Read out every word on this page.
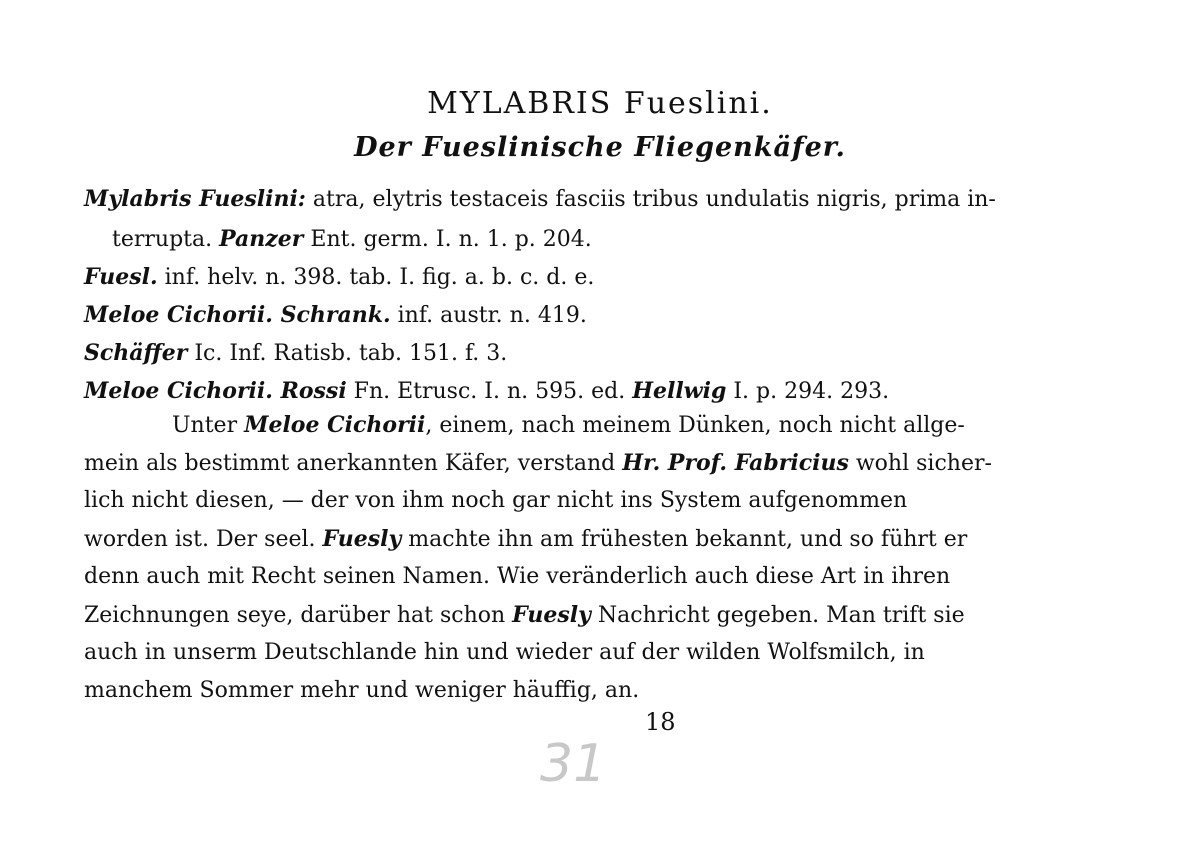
MYLABRIS Fueslini.
Der Fueslinische Fliegenkäfer.
Mylabris Fueslini: atra, elytris testaceis fasciis tribus undulatis nigris, prima in-
terrupta. Panzer Ent. germ. I. n. 1. p. 204.
Fuesl. inf. helv. n. 398. tab. I. fig. a. b. c. d. e.
Meloe Cichorii. Schrank. inf. austr. n. 419.
Schäffer Ic. Inf. Ratisb. tab. 151. f. 3.
Meloe Cichorii. Rossi Fn. Etrusc. I. n. 595. ed. Hellwig I. p. 294. 293.
Unter Meloe Cichorii, einem, nach meinem Dünken, noch nicht allge-
mein als bestimmt anerkannten Käfer, verstand Hr. Prof. Fabricius wohl sicher-
lich nicht diesen, — der von ihm noch gar nicht ins System aufgenommen
worden ist. Der seel. Fuesly machte ihn am frühesten bekannt, und so führt er
denn auch mit Recht seinen Namen. Wie veränderlich auch diese Art in ihren
Zeichnungen seye, darüber hat schon Fuesly Nachricht gegeben. Man trift sie
auch in unserm Deutschlande hin und wieder auf der wilden Wolfsmilch, in
manchem Sommer mehr und weniger häuffig, an.
18
31
